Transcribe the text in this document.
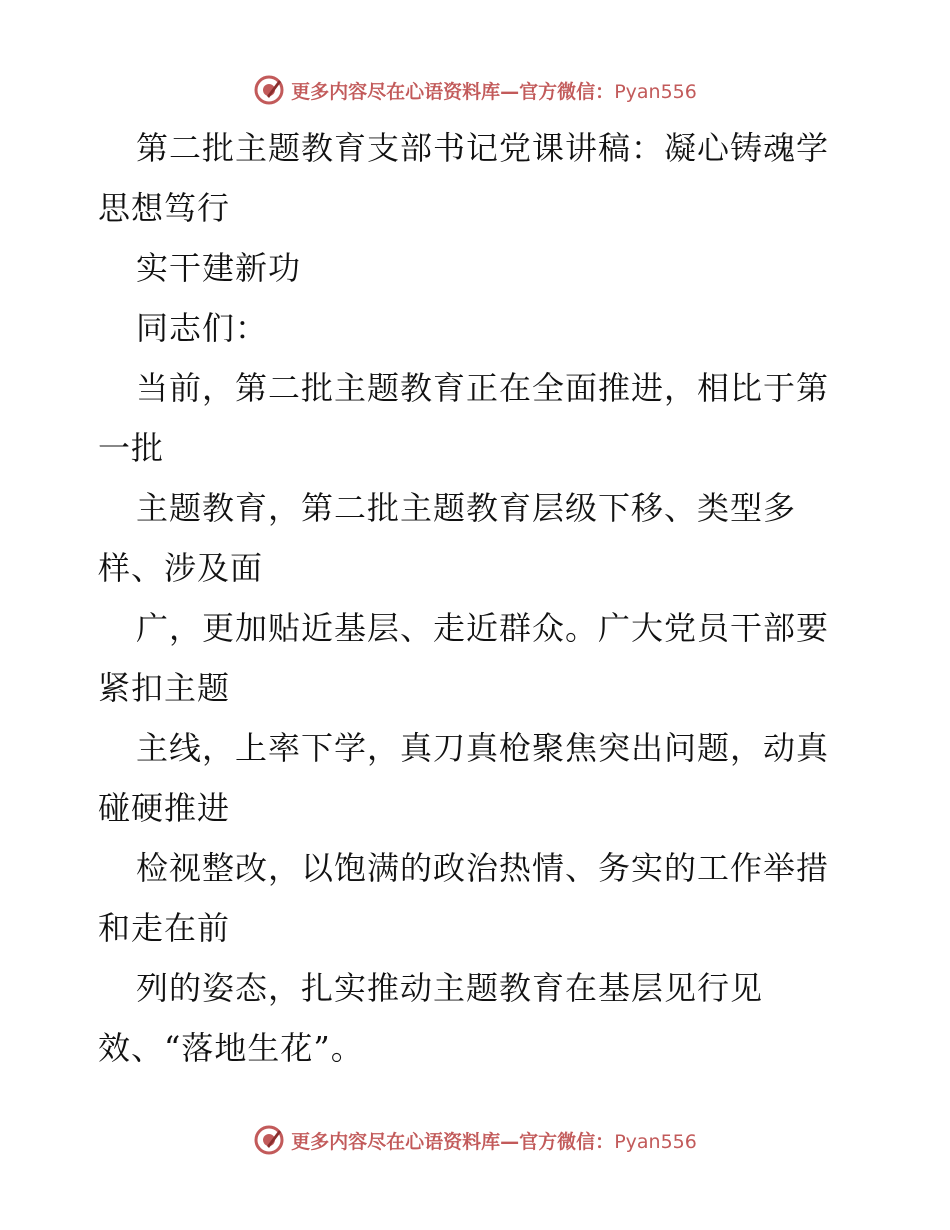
更多内容尽在心语资料库—官方微信：Pyan556
第二批主题教育支部书记党课讲稿：凝心铸魂学
思想笃行
实干建新功
同志们：
当前，第二批主题教育正在全面推进，相比于第
一批
主题教育，第二批主题教育层级下移、类型多
样、涉及面
广，更加贴近基层、走近群众。广大党员干部要
紧扣主题
主线，上率下学，真刀真枪聚焦突出问题，动真
碰硬推进
检视整改，以饱满的政治热情、务实的工作举措
和走在前
列的姿态，扎实推动主题教育在基层见行见
效、“落地生花”。
更多内容尽在心语资料库—官方微信：Pyan556
